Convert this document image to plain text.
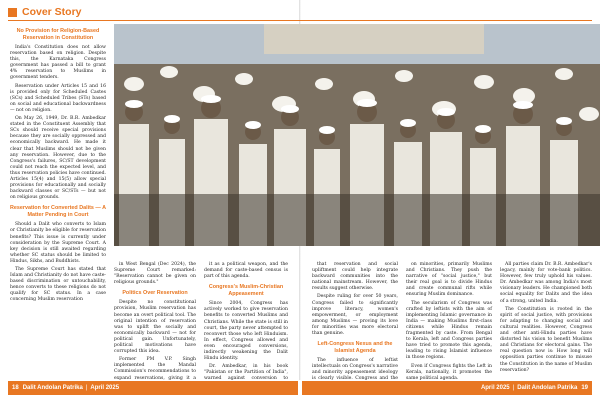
Cover Story
No Provision for Religion-Based Reservation in Constitution

India's Constitution does not allow reservation based on religion. Despite this, the Karnataka Congress government has passed a bill to grant 4% reservation to Muslims in government tenders.

Reservation under Articles 15 and 16 is provided only for Scheduled Castes (SCs) and Scheduled Tribes (STs) based on social and educational backwardness — not on religion.

On May 26, 1949, Dr. B.R. Ambedkar stated in the Constituent Assembly that SCs should receive special provisions because they are socially oppressed and economically backward. He made it clear that Muslims should not be given any reservation. However, due to the Congress's failures, SC/ST development could not reach the expected level, and thus reservation policies have continued. Articles 15(4) and 15(5) allow special provisions for educationally and socially backward classes or SC/STs — but not on religious grounds.

Reservation for Converted Dalits — A Matter Pending in Court

Should a Dalit who converts to Islam or Christianity be eligible for reservation benefits? This issue is currently under consideration by the Supreme Court. A key decision is still awaited regarding whether SC status should be limited to Hindus, Sikhs, and Buddhists.

The Supreme Court has stated that Islam and Christianity do not have caste-based discrimination or untouchability, hence converts to these religions do not qualify for SC status. In a case concerning Muslim reservation

in West Bengal (Dec 2024), the Supreme Court remarked: "Reservation cannot be given on religious grounds."

Politics Over Reservation

Despite no constitutional provision, Muslim reservation has become an overt political tool. The original intention of reservation was to uplift the socially and economically backward — not for political gain. Unfortunately, political motivations have corrupted this idea.

Former PM V.P. Singh implemented the Mandal Commission's recommendations to expand reservations, giving it a

it as a political weapon, and the demand for caste-based census is part of this agenda.

Congress's Muslim-Christian Appeasement

Since 2004, Congress has actively worked to give reservation benefits to converted Muslims and Christians. While the state is still in court, the party never attempted to reconvert those who left Hinduism. In effect, Congress allowed and even encouraged conversions, indirectly weakening the Dalit Hindu identity.

Dr. Ambedkar, in his book "Pakistan or the Partition of India", warned against conversion to

that reservation and social upliftment could help integrate backward communities into the national mainstream. However, the results suggest otherwise.

Despite ruling for over 50 years, Congress failed to significantly improve literacy, women's empowerment, or employment among Muslims — proving its love for minorities was more electoral than genuine.

Left-Congress Nexus and the Islamist Agenda

The influence of leftist intellectuals on Congress's narrative and minority appeasement ideology is clearly visible. Congress and the

on minorities, primarily Muslims and Christians. They push the narrative of "social justice," but their real goal is to divide Hindus and create communal rifts while ensuring Muslim dominance.

The secularism of Congress was crafted by leftists with the aim of implementing Islamic governance in India — making Muslims first-class citizens while Hindus remain fragmented by caste. From Bengal to Kerala, left and Congress parties have tried to promote this agenda, leading to rising Islamist influence in those regions.

Even if Congress fights the Left in Kerala, nationally, it promotes the same political agenda.

All parties claim Dr. B.R. Ambedkar's legacy, mainly for vote-bank politics. However, few truly uphold his values. Dr. Ambedkar was among India's most visionary leaders. He championed both social equality for Dalits and the idea of a strong, united India.

The Constitution is rooted in the spirit of social justice, with provisions for adapting to changing social and cultural realities. However, Congress and other anti-Hindu parties have distorted his vision to benefit Muslims and Christians for electoral gains. The real question now is: How long will opposition parties continue to misuse the Constitution in the name of Muslim reservation?

18 Dalit Andolan Patrika | April 2025	April 2025 | Dalit Andolan Patrika 19
